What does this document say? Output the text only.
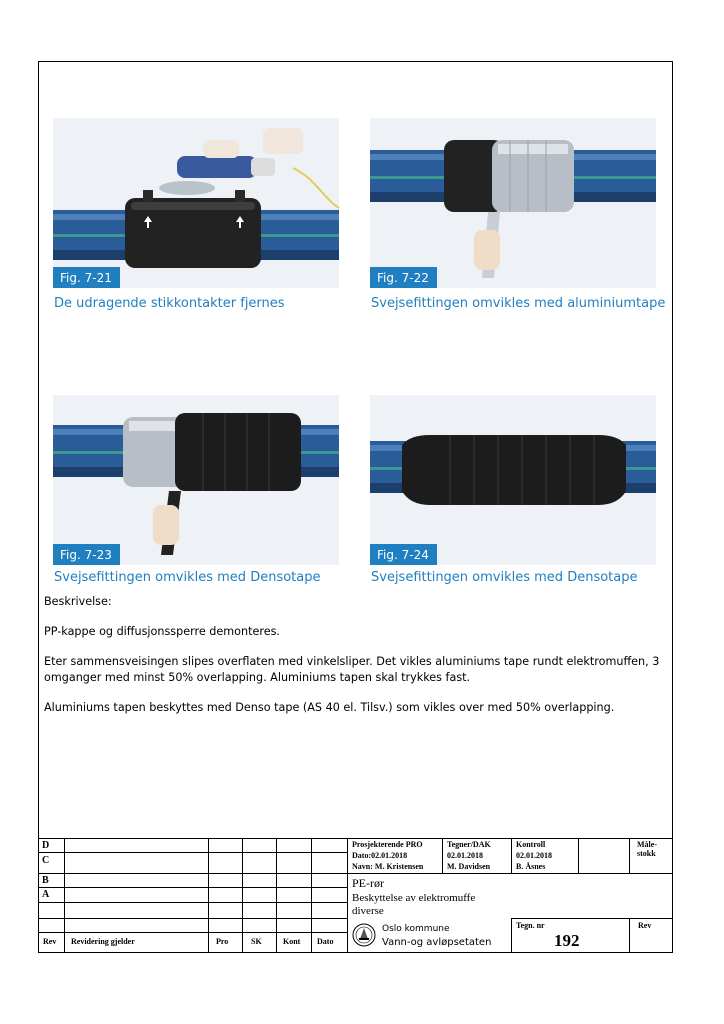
Fig. 7-21
De udragende stikkontakter fjernes
Fig. 7-22
Svejsefittingen omvikles med aluminiumtape
Fig. 7-23
Svejsefittingen omvikles med Densotape
Fig. 7-24
Svejsefittingen omvikles med Densotape

Beskrivelse:

PP-kappe og diffusjonssperre demonteres.

Eter sammensveisingen slipes overflaten med vinkelsliper. Det vikles aluminiums tape rundt elektromuffen, 3 omganger med minst 50% overlapping. Aluminiums tapen skal trykkes fast.

Aluminiums tapen beskyttes med Denso tape (AS 40 el. Tilsv.) som vikles over med 50% overlapping.

D
C
B
A
Rev Revidering gjelder	Pro	SK	Kont Dato
Prosjekterende PRO
Dato:02.01.2018
Navn: M. Kristensen
Tegner/DAK
02.01.2018
M. Davidsen
Kontroll
02.01.2018
B. Åsnes
Måle-
stokk
PE-rør
Beskyttelse av elektromuffe
diverse
Oslo kommune
Vann-og avløpsetaten
Tegn. nr
192
Rev
